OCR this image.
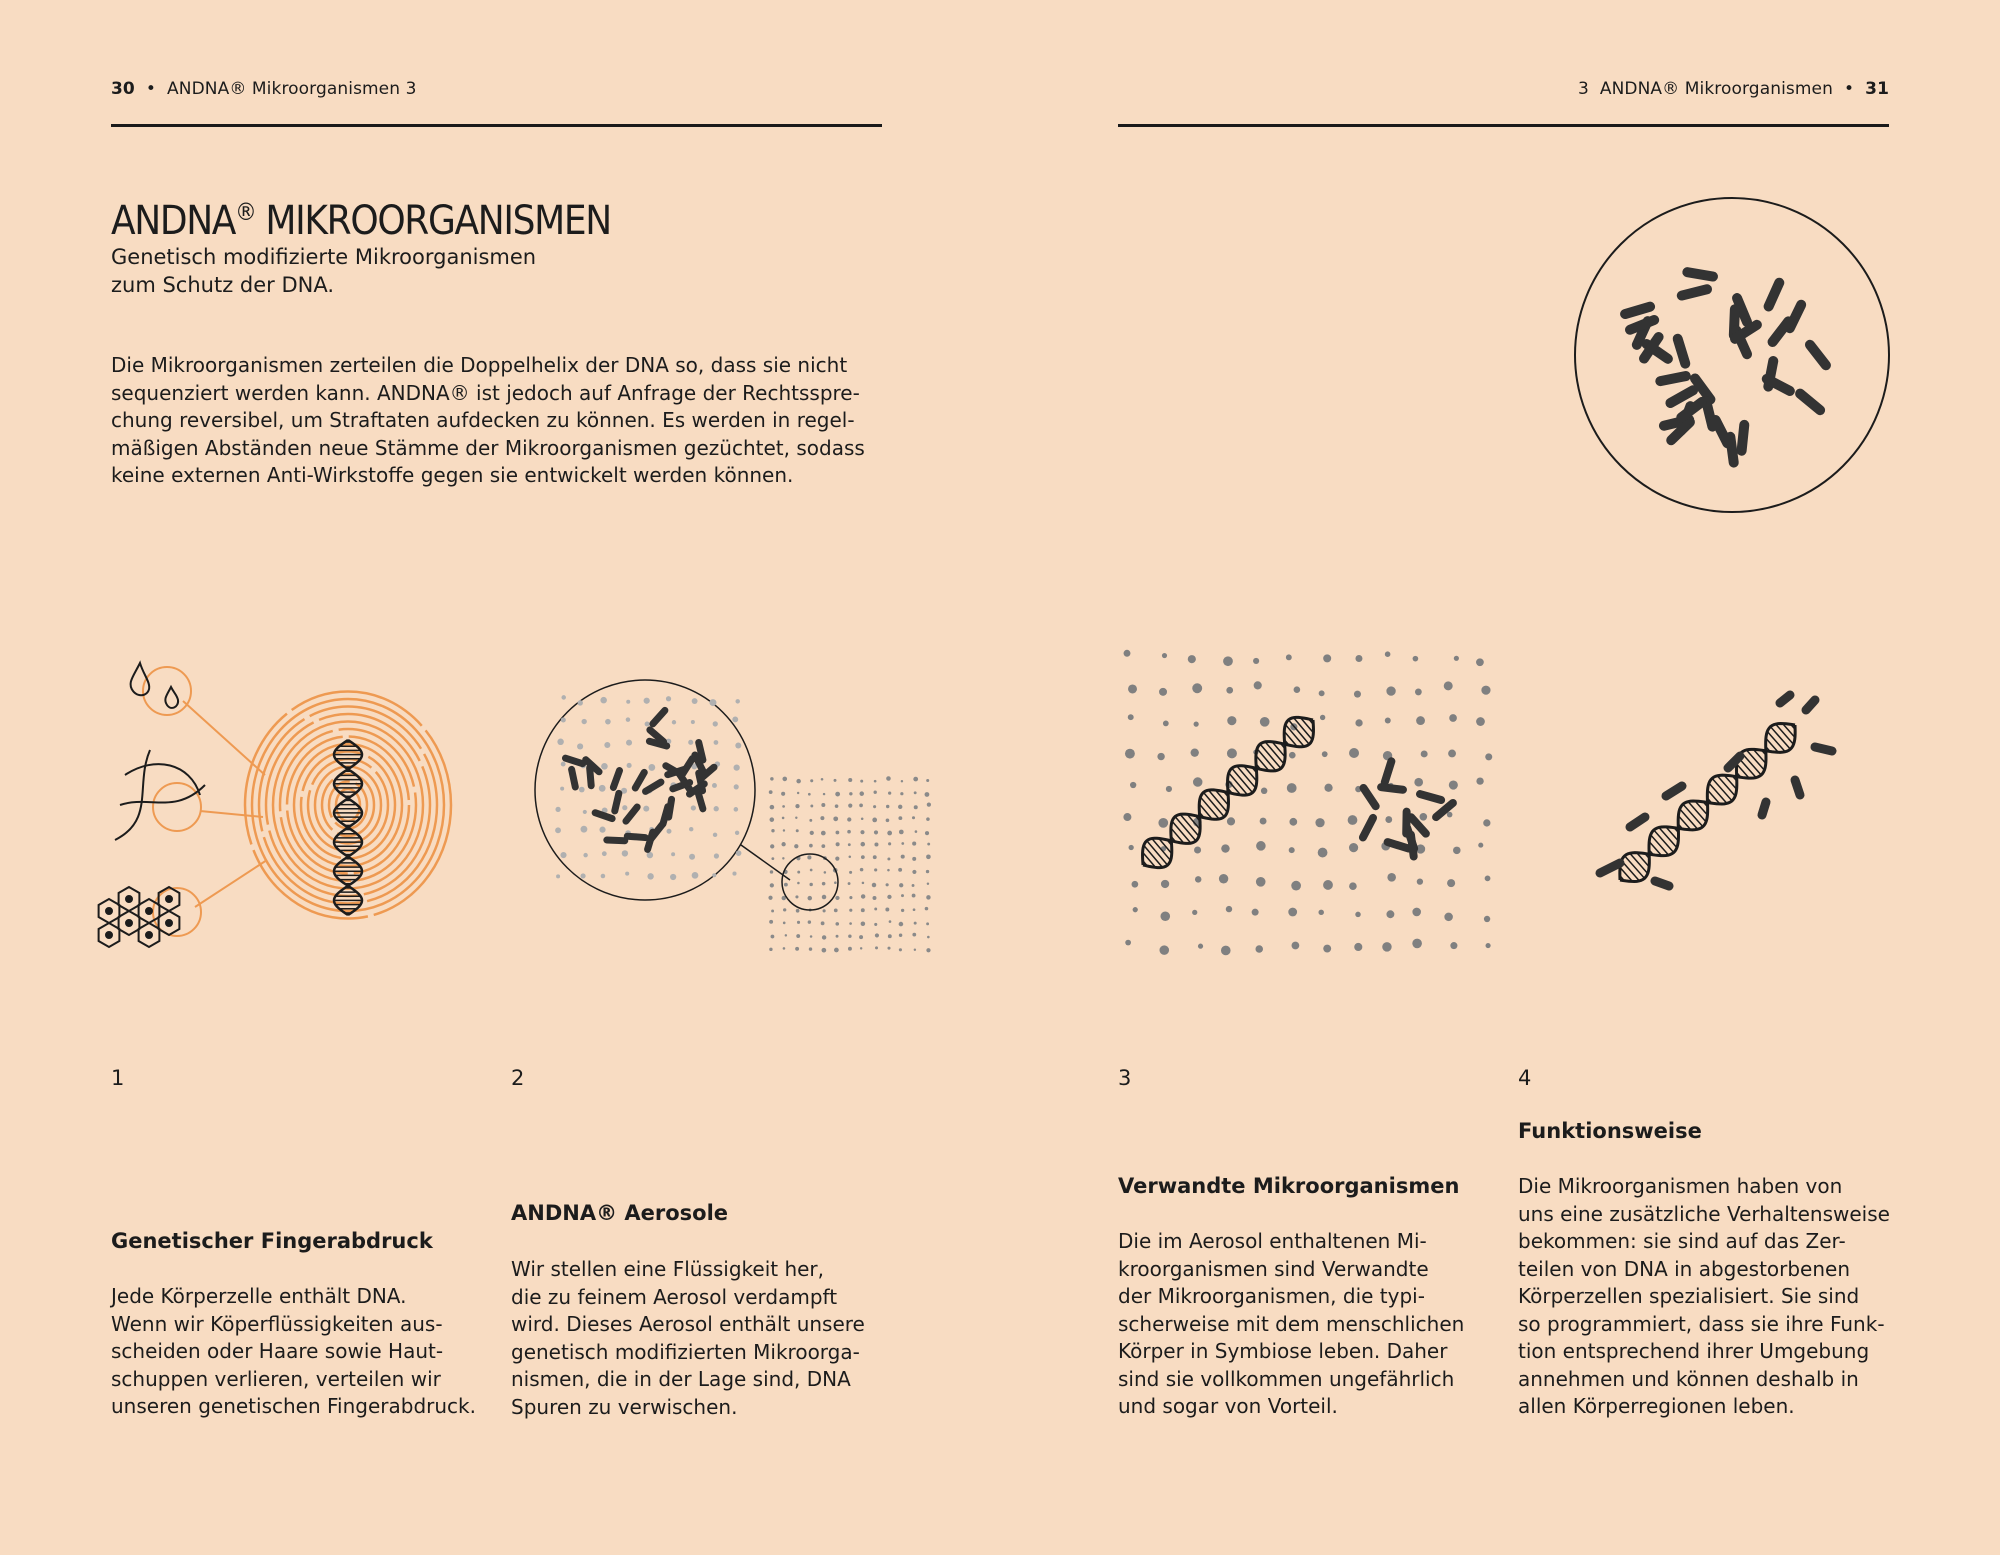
30 • ANDNA® Mikroorganismen 3	3  ANDNA® Mikroorganismen • 31
ANDNA® MIKROORGANISMEN
Genetisch modifizierte Mikroorganismen
zum Schutz der DNA.
Die Mikroorganismen zerteilen die Doppelhelix der DNA so, dass sie nicht
sequenziert werden kann. ANDNA® ist jedoch auf Anfrage der Rechtsspre-
chung reversibel, um Straftaten aufdecken zu können. Es werden in regel-
mäßigen Abständen neue Stämme der Mikroorganismen gezüchtet, sodass
keine externen Anti-Wirkstoffe gegen sie entwickelt werden können.
1	2	3	4
Genetischer Fingerabdruck
Jede Körperzelle enthält DNA.
Wenn wir Köperflüssigkeiten aus-
scheiden oder Haare sowie Haut-
schuppen verlieren, verteilen wir
unseren genetischen Fingerabdruck.
ANDNA® Aerosole
Wir stellen eine Flüssigkeit her,
die zu feinem Aerosol verdampft
wird. Dieses Aerosol enthält unsere
genetisch modifizierten Mikroorga-
nismen, die in der Lage sind, DNA
Spuren zu verwischen.
Verwandte Mikroorganismen
Die im Aerosol enthaltenen Mi-
kroorganismen sind Verwandte
der Mikroorganismen, die typi-
scherweise mit dem menschlichen
Körper in Symbiose leben. Daher
sind sie vollkommen ungefährlich
und sogar von Vorteil.
Funktionsweise
Die Mikroorganismen haben von
uns eine zusätzliche Verhaltensweise
bekommen: sie sind auf das Zer-
teilen von DNA in abgestorbenen
Körperzellen spezialisiert. Sie sind
so programmiert, dass sie ihre Funk-
tion entsprechend ihrer Umgebung
annehmen und können deshalb in
allen Körperregionen leben.
